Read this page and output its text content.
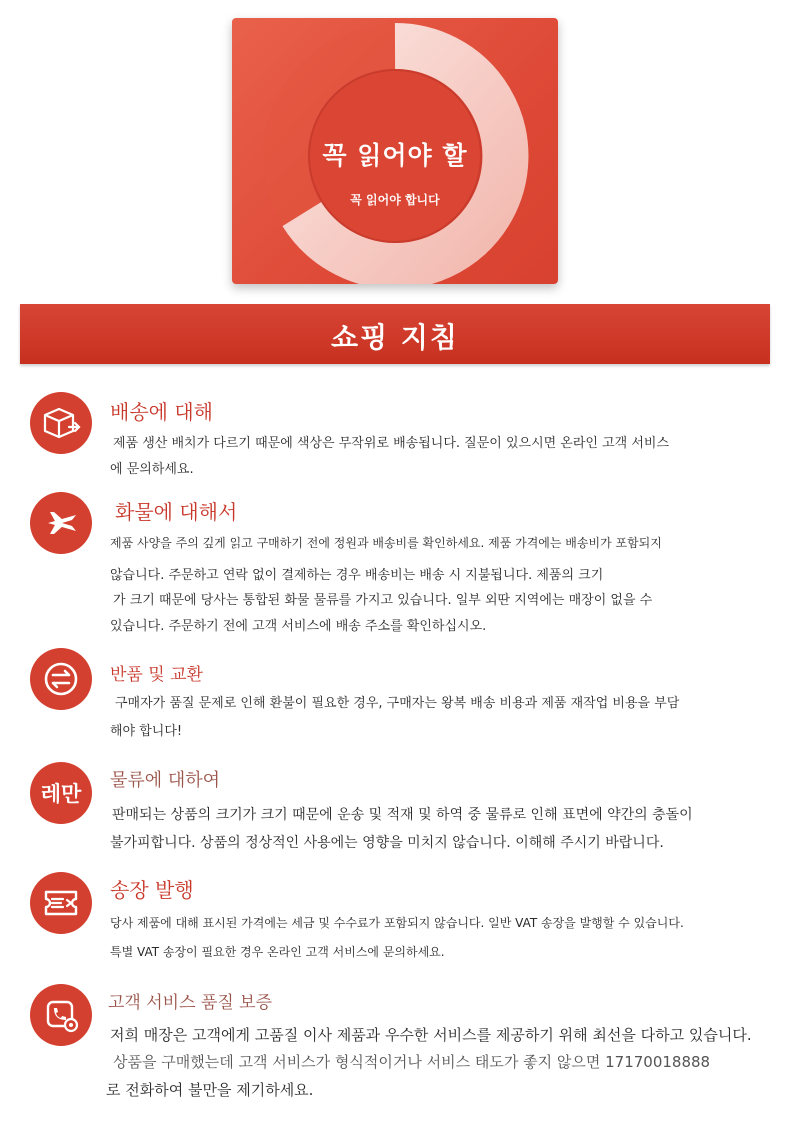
꼭 읽어야 할
꼭 읽어야 합니다
쇼핑 지침
배송에 대해
제품 생산 배치가 다르기 때문에 색상은 무작위로 배송됩니다. 질문이 있으시면 온라인 고객 서비스
에 문의하세요.
화물에 대해서
제품 사양을 주의 깊게 읽고 구매하기 전에 정원과 배송비를 확인하세요. 제품 가격에는 배송비가 포함되지
않습니다. 주문하고 연락 없이 결제하는 경우 배송비는 배송 시 지불됩니다. 제품의 크기
가 크기 때문에 당사는 통합된 화물 물류를 가지고 있습니다. 일부 외딴 지역에는 매장이 없을 수
있습니다. 주문하기 전에 고객 서비스에 배송 주소를 확인하십시오.
반품 및 교환
구매자가 품질 문제로 인해 환불이 필요한 경우, 구매자는 왕복 배송 비용과 제품 재작업 비용을 부담
해야 합니다!
레만
물류에 대하여
판매되는 상품의 크기가 크기 때문에 운송 및 적재 및 하역 중 물류로 인해 표면에 약간의 충돌이
불가피합니다. 상품의 정상적인 사용에는 영향을 미치지 않습니다. 이해해 주시기 바랍니다.
송장 발행
당사 제품에 대해 표시된 가격에는 세금 및 수수료가 포함되지 않습니다. 일반 VAT 송장을 발행할 수 있습니다.
특별 VAT 송장이 필요한 경우 온라인 고객 서비스에 문의하세요.
고객 서비스 품질 보증
저희 매장은 고객에게 고품질 이사 제품과 우수한 서비스를 제공하기 위해 최선을 다하고 있습니다.
상품을 구매했는데 고객 서비스가 형식적이거나 서비스 태도가 좋지 않으면 17170018888
로 전화하여 불만을 제기하세요.
